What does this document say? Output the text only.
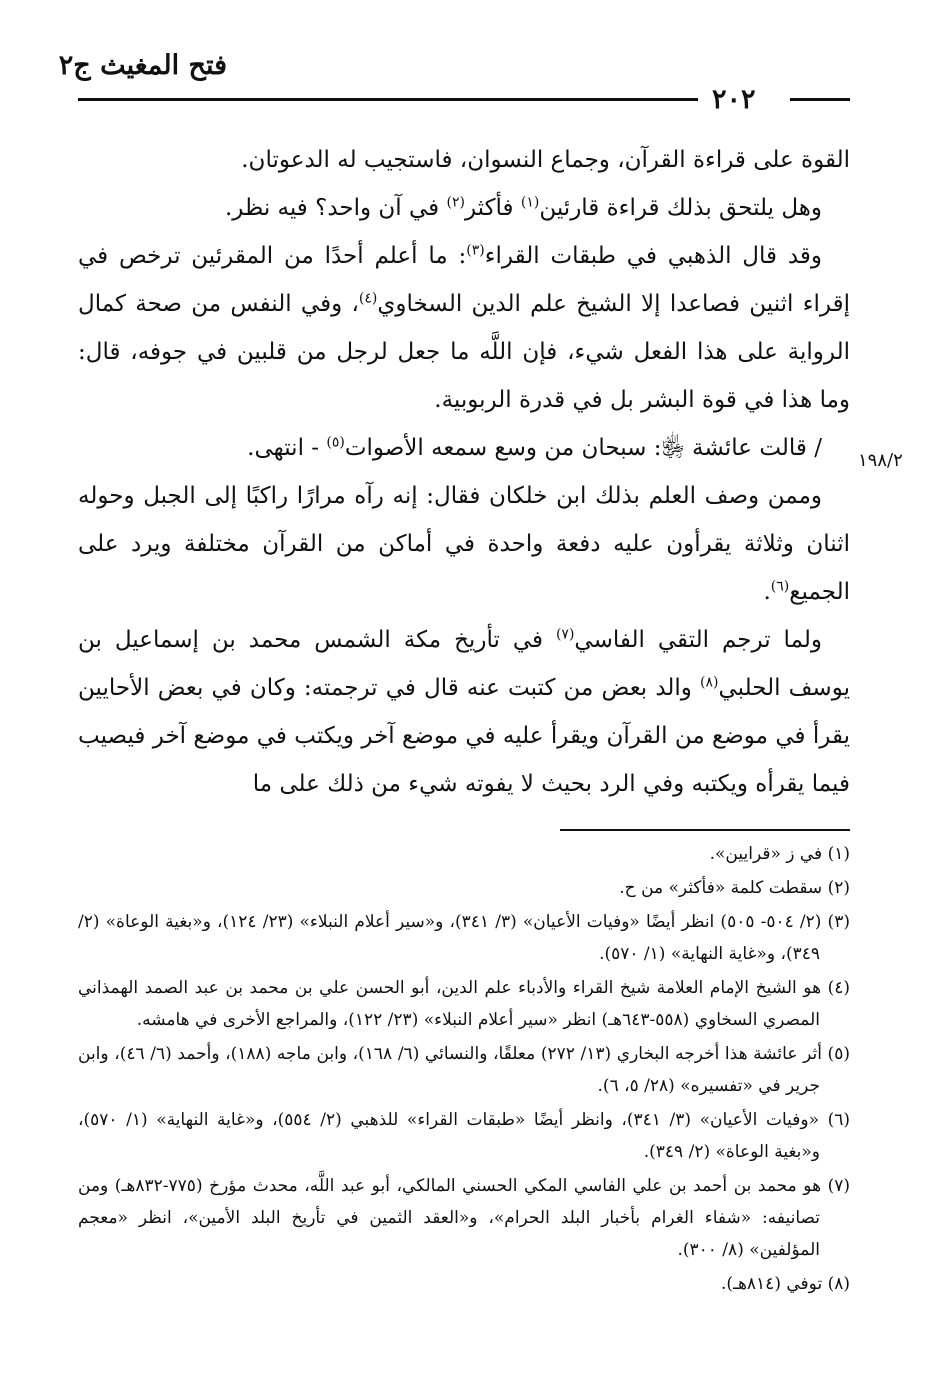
فتح المغيث ج٢
٢٠٢
١٩٨/٢

القوة على قراءة القرآن، وجماع النسوان، فاستجيب له الدعوتان.

وهل يلتحق بذلك قراءة قارئين$^{(١)}$ فأكثر$^{(٢)}$ في آن واحد؟ فيه نظر.

وقد قال الذهبي في طبقات القراء$^{(٣)}$: ما أعلم أحدًا من المقرئين ترخص في إقراء اثنين فصاعدا إلا الشيخ علم الدين السخاوي$^{(٤)}$، وفي النفس من صحة كمال الرواية على هذا الفعل شيء، فإن اللَّه ما جعل لرجل من قلبين في جوفه، قال: وما هذا في قوة البشر بل في قدرة الربوبية.

/ قالت عائشة ﵂: سبحان من وسع سمعه الأصوات$^{(٥)}$ - انتهى.

وممن وصف العلم بذلك ابن خلكان فقال: إنه رآه مرارًا راكبًا إلى الجبل وحوله اثنان وثلاثة يقرأون عليه دفعة واحدة في أماكن من القرآن مختلفة ويرد على الجميع$^{(٦)}$.

ولما ترجم التقي الفاسي$^{(٧)}$ في تأريخ مكة الشمس محمد بن إسماعيل بن يوسف الحلبي$^{(٨)}$ والد بعض من كتبت عنه قال في ترجمته: وكان في بعض الأحايين يقرأ في موضع من القرآن ويقرأ عليه في موضع آخر ويكتب في موضع آخر فيصيب فيما يقرأه ويكتبه وفي الرد بحيث لا يفوته شيء من ذلك على ما

(١) في ز «قرايين».

(٢) سقطت كلمة «فأكثر» من ح.

(٣) (٢/ ٥٠٤- ٥٠٥) انظر أيضًا «وفيات الأعيان» (٣/ ٣٤١)، و«سير أعلام النبلاء» (٢٣/ ١٢٤)، و«بغية الوعاة» (٢/ ٣٤٩)، و«غاية النهاية» (١/ ٥٧٠).

(٤) هو الشيخ الإمام العلامة شيخ القراء والأدباء علم الدين، أبو الحسن علي بن محمد بن عبد الصمد الهمذاني المصري السخاوي (٥٥٨-٦٤٣هـ) انظر «سير أعلام النبلاء» (٢٣/ ١٢٢)، والمراجع الأخرى في هامشه.

(٥) أثر عائشة هذا أخرجه البخاري (١٣/ ٢٧٢) معلقًا، والنسائي (٦/ ١٦٨)، وابن ماجه (١٨٨)، وأحمد (٦/ ٤٦)، وابن جرير في «تفسيره» (٢٨/ ٥، ٦).

(٦) «وفيات الأعيان» (٣/ ٣٤١)، وانظر أيضًا «طبقات القراء» للذهبي (٢/ ٥٥٤)، و«غاية النهاية» (١/ ٥٧٠)، و«بغية الوعاة» (٢/ ٣٤٩).

(٧) هو محمد بن أحمد بن علي الفاسي المكي الحسني المالكي، أبو عبد اللَّه، محدث مؤرخ (٧٧٥-٨٣٢هـ) ومن تصانيفه: «شفاء الغرام بأخبار البلد الحرام»، و«العقد الثمين في تأريخ البلد الأمين»، انظر «معجم المؤلفين» (٨/ ٣٠٠).

(٨) توفي (٨١٤هـ).
